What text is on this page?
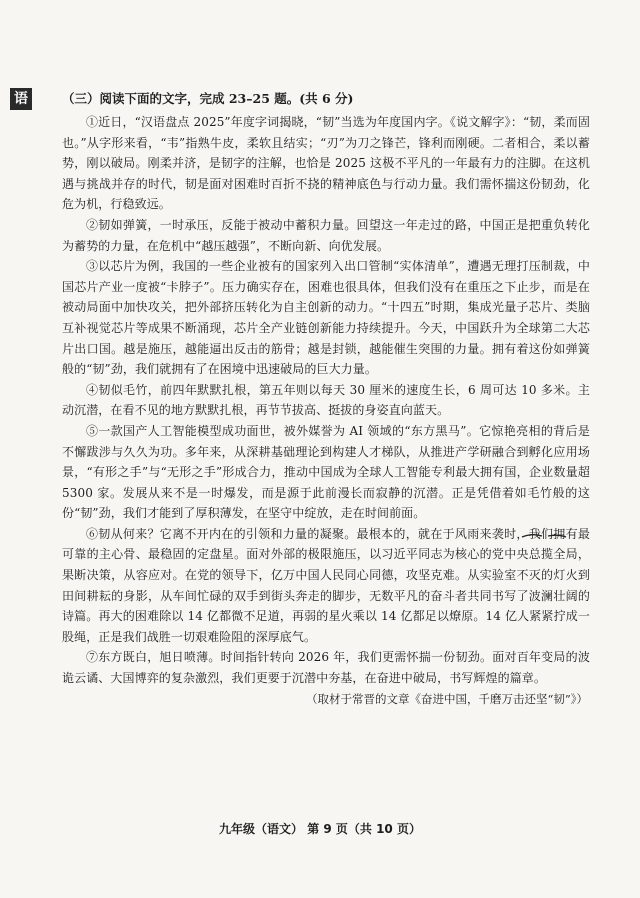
语	（三）阅读下面的文字，完成 23–25 题。(共 6 分)

①近日，“汉语盘点 2025”年度字词揭晓，“韧”当选为年度国内字。《说文解字》：“韧，柔而固也。”从字形来看，“韦”指熟牛皮，柔软且结实；“刃”为刀之锋芒，锋利而刚硬。二者相合，柔以蓄势，刚以破局。刚柔并济，是韧字的注解，也恰是 2025 这极不平凡的一年最有力的注脚。在这机遇与挑战并存的时代，韧是面对困难时百折不挠的精神底色与行动力量。我们需怀揣这份韧劲，化危为机，行稳致远。

②韧如弹簧，一时承压，反能于被动中蓄积力量。回望这一年走过的路，中国正是把重负转化为蓄势的力量，在危机中“越压越强”，不断向新、向优发展。

③以芯片为例，我国的一些企业被有的国家列入出口管制“实体清单”，遭遇无理打压制裁，中国芯片产业一度被“卡脖子”。压力确实存在，困难也很具体，但我们没有在重压之下止步，而是在被动局面中加快攻关，把外部挤压转化为自主创新的动力。“十四五”时期，集成光量子芯片、类脑互补视觉芯片等成果不断涌现，芯片全产业链创新能力持续提升。今天，中国跃升为全球第二大芯片出口国。越是施压，越能逼出反击的筋骨；越是封锁，越能催生突围的力量。拥有着这份如弹簧般的“韧”劲，我们就拥有了在困境中迅速破局的巨大力量。

④韧似毛竹，前四年默默扎根，第五年则以每天 30 厘米的速度生长，6 周可达 10 多米。主动沉潜，在看不见的地方默默扎根，再节节拔高、挺拔的身姿直向蓝天。

⑤一款国产人工智能模型成功面世，被外媒誉为 AI 领域的“东方黑马”。它惊艳亮相的背后是不懈跋涉与久久为功。多年来，从深耕基础理论到构建人才梯队，从推进产学研融合到孵化应用场景，“有形之手”与“无形之手”形成合力，推动中国成为全球人工智能专利最大拥有国，企业数量超 5300 家。发展从来不是一时爆发，而是源于此前漫长而寂静的沉潜。正是凭借着如毛竹般的这份“韧”劲，我们才能到了厚积薄发，在坚守中绽放，走在时间前面。

⑥韧从何来？它离不开内在的引领和力量的凝聚。最根本的，就在于风雨来袭时，我们拥有最可靠的主心骨、最稳固的定盘星。面对外部的极限施压，以习近平同志为核心的党中央总揽全局，果断决策，从容应对。在党的领导下，亿万中国人民同心同德，攻坚克难。从实验室不灭的灯火到田间耕耘的身影，从车间忙碌的双手到街头奔走的脚步，无数平凡的奋斗者共同书写了波澜壮阔的诗篇。再大的困难除以 14 亿都微不足道，再弱的星火乘以 14 亿都足以燎原。14 亿人紧紧拧成一股绳，正是我们战胜一切艰难险阻的深厚底气。

⑦东方既白，旭日喷薄。时间指针转向 2026 年，我们更需怀揣一份韧劲。面对百年变局的波诡云谲、大国博弈的复杂激烈，我们更要于沉潜中夯基，在奋进中破局，书写辉煌的篇章。

（取材于常晋的文章《奋进中国，千磨万击还坚“韧”》）

九年级（语文） 第 9 页（共 10 页）
